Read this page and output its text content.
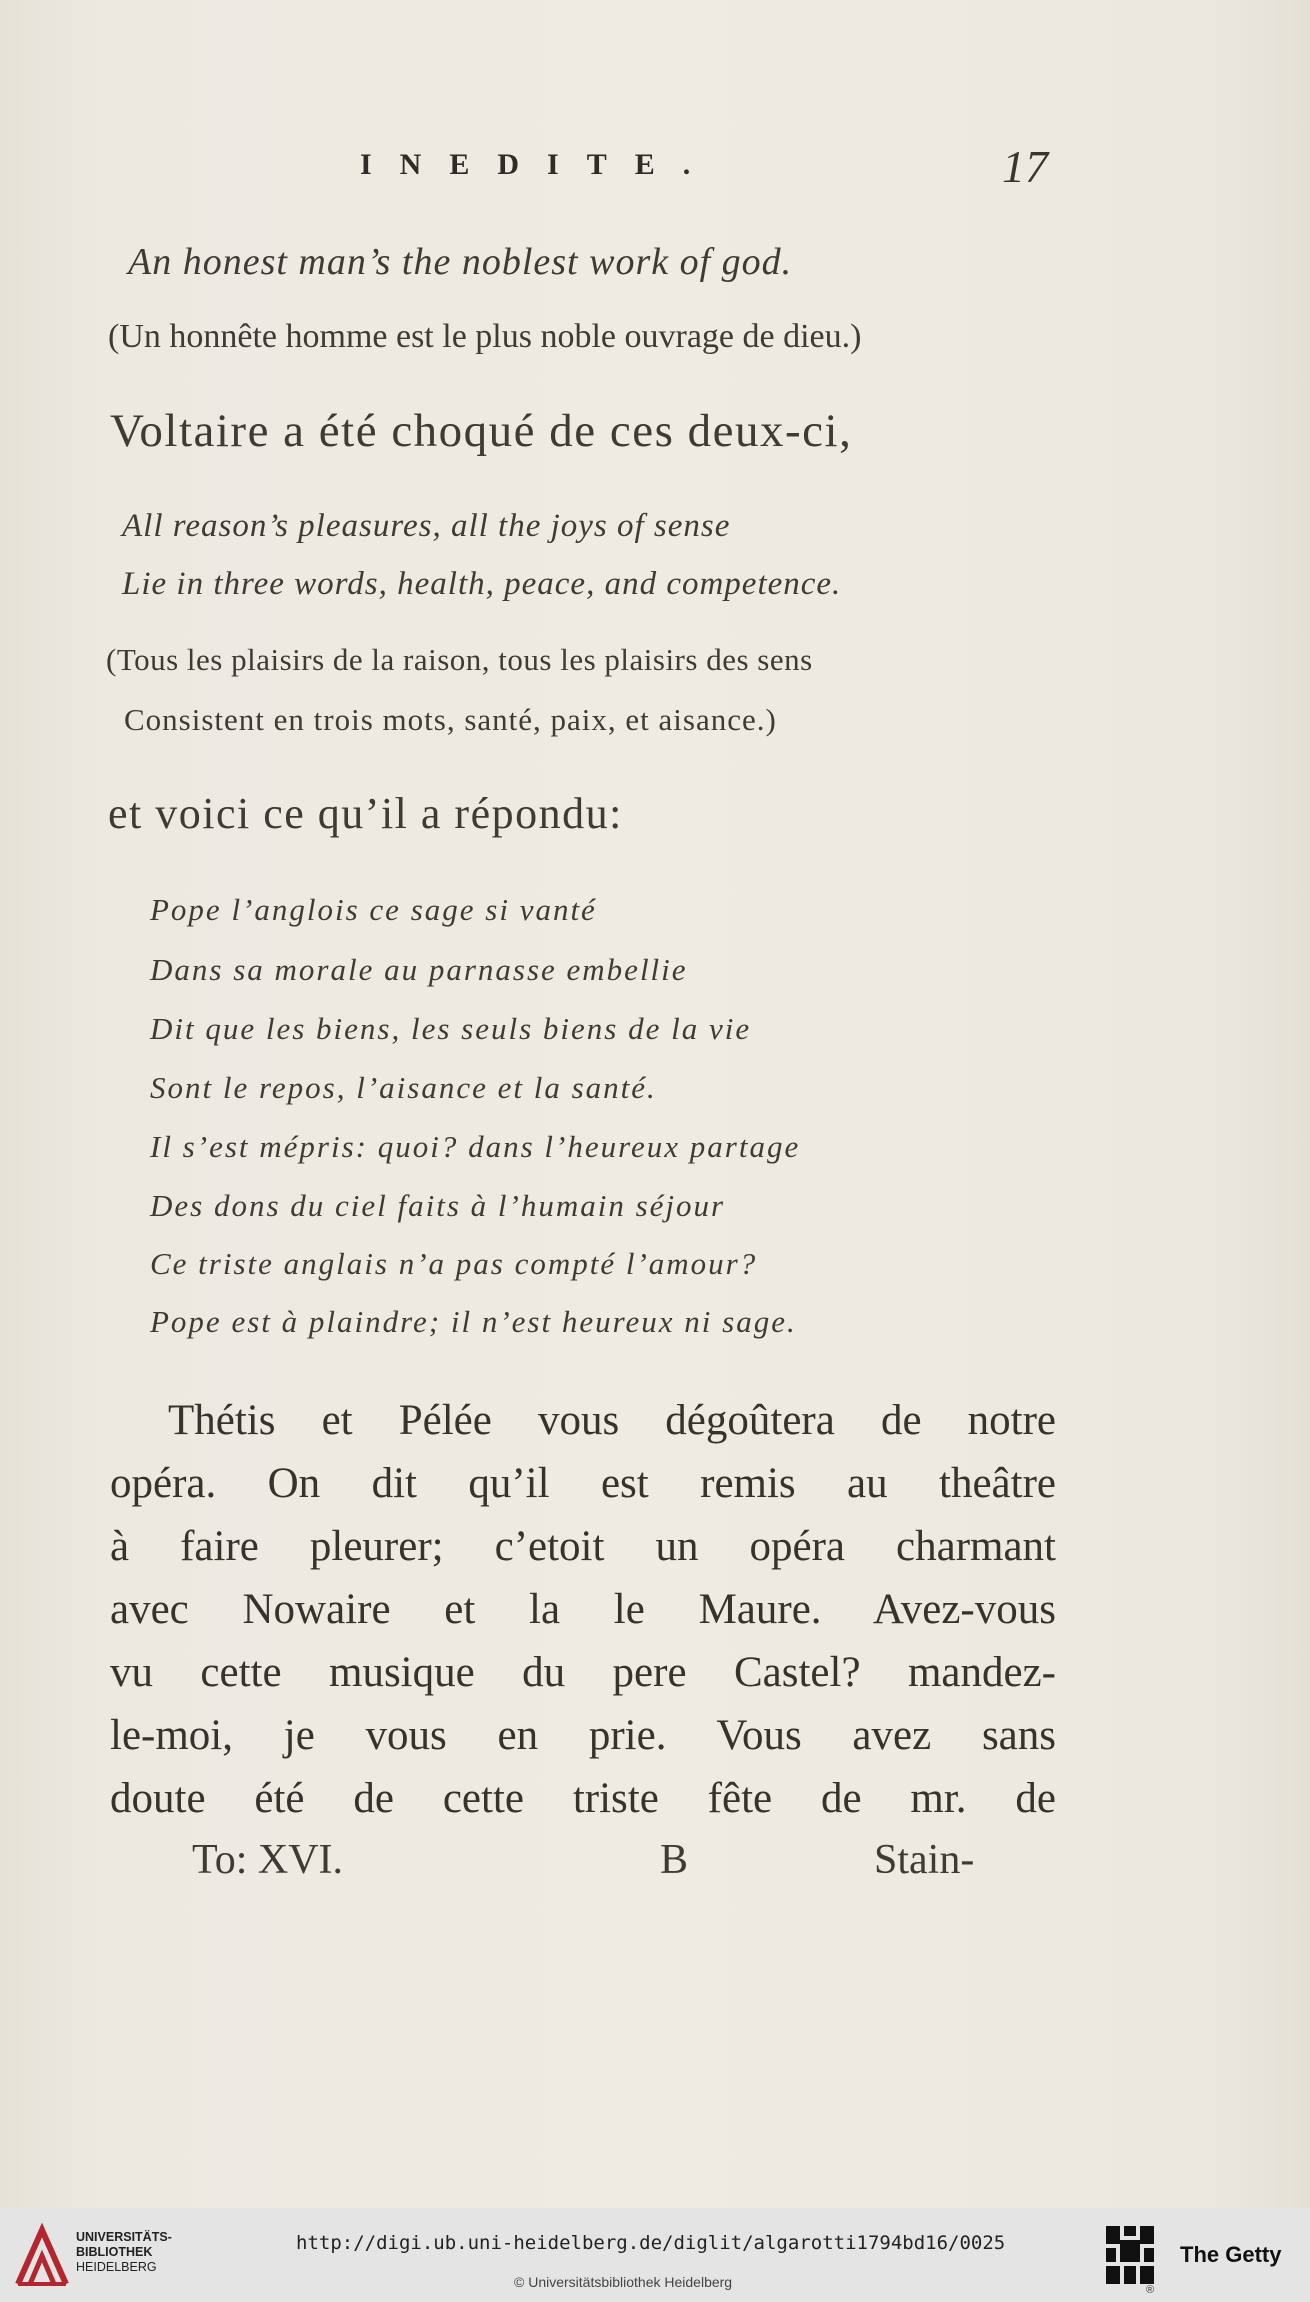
INEDITE.	17
An honest man’s the noblest work of god.
(Un honnête homme est le plus noble ouvrage de dieu.)
Voltaire a été choqué de ces deux-ci,
All reason’s pleasures, all the joys of sense
Lie in three words, health, peace, and competence.
(Tous les plaisirs de la raison, tous les plaisirs des sens
Consistent en trois mots, santé, paix, et aisance.)
et voici ce qu’il a répondu:
Pope l’anglois ce sage si vanté
Dans sa morale au parnasse embellie
Dit que les biens, les seuls biens de la vie
Sont le repos, l’aisance et la santé.
Il s’est mépris: quoi? dans l’heureux partage
Des dons du ciel faits à l’humain séjour
Ce triste anglais n’a pas compté l’amour?
Pope est à plaindre; il n’est heureux ni sage.
Thétis et Pélée vous dégoûtera de notre
opéra. On dit qu’il est remis au theâtre
à faire pleurer; c’etoit un opéra charmant
avec Nowaire et la le Maure. Avez-vous
vu cette musique du pere Castel? mandez-
le-moi, je vous en prie. Vous avez sans
doute été de cette triste fête de mr. de
To: XVI.	B	Stain-
UNIVERSITÄTS-
BIBLIOTHEK
HEIDELBERG
http://digi.ub.uni-heidelberg.de/diglit/algarotti1794bd16/0025
© Universitätsbibliothek Heidelberg	®
The Getty
